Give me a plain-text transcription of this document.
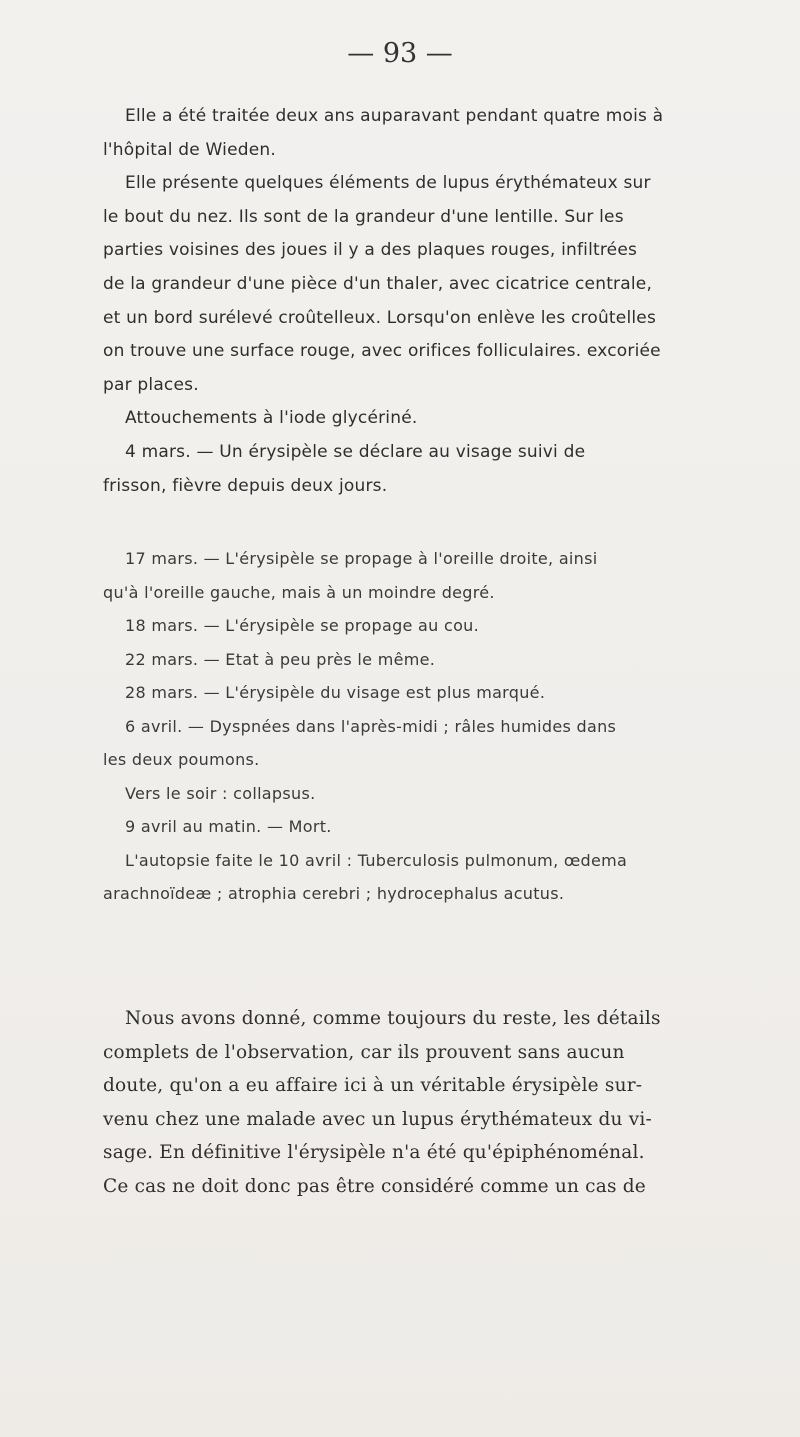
— 93 —
Elle a été traitée deux ans auparavant pendant quatre mois à
l'hôpital de Wieden.
Elle présente quelques éléments de lupus érythémateux sur
le bout du nez. Ils sont de la grandeur d'une lentille. Sur les
parties voisines des joues il y a des plaques rouges, infiltrées
de la grandeur d'une pièce d'un thaler, avec cicatrice centrale,
et un bord surélevé croûtelleux. Lorsqu'on enlève les croûtelles
on trouve une surface rouge, avec orifices folliculaires. excoriée
par places.
Attouchements à l'iode glycériné.
4 mars. — Un érysipèle se déclare au visage suivi de
frisson, fièvre depuis deux jours.
17 mars. — L'érysipèle se propage à l'oreille droite, ainsi
qu'à l'oreille gauche, mais à un moindre degré.
18 mars. — L'érysipèle se propage au cou.
22 mars. — Etat à peu près le même.
28 mars. — L'érysipèle du visage est plus marqué.
6 avril. — Dyspnées dans l'après-midi ; râles humides dans
les deux poumons.
Vers le soir : collapsus.
9 avril au matin. — Mort.
L'autopsie faite le 10 avril : Tuberculosis pulmonum, œdema
arachnoïdeæ ; atrophia cerebri ; hydrocephalus acutus.
Nous avons donné, comme toujours du reste, les détails
complets de l'observation, car ils prouvent sans aucun
doute, qu'on a eu affaire ici à un véritable érysipèle sur-
venu chez une malade avec un lupus érythémateux du vi-
sage. En définitive l'érysipèle n'a été qu'épiphénoménal.
Ce cas ne doit donc pas être considéré comme un cas de
